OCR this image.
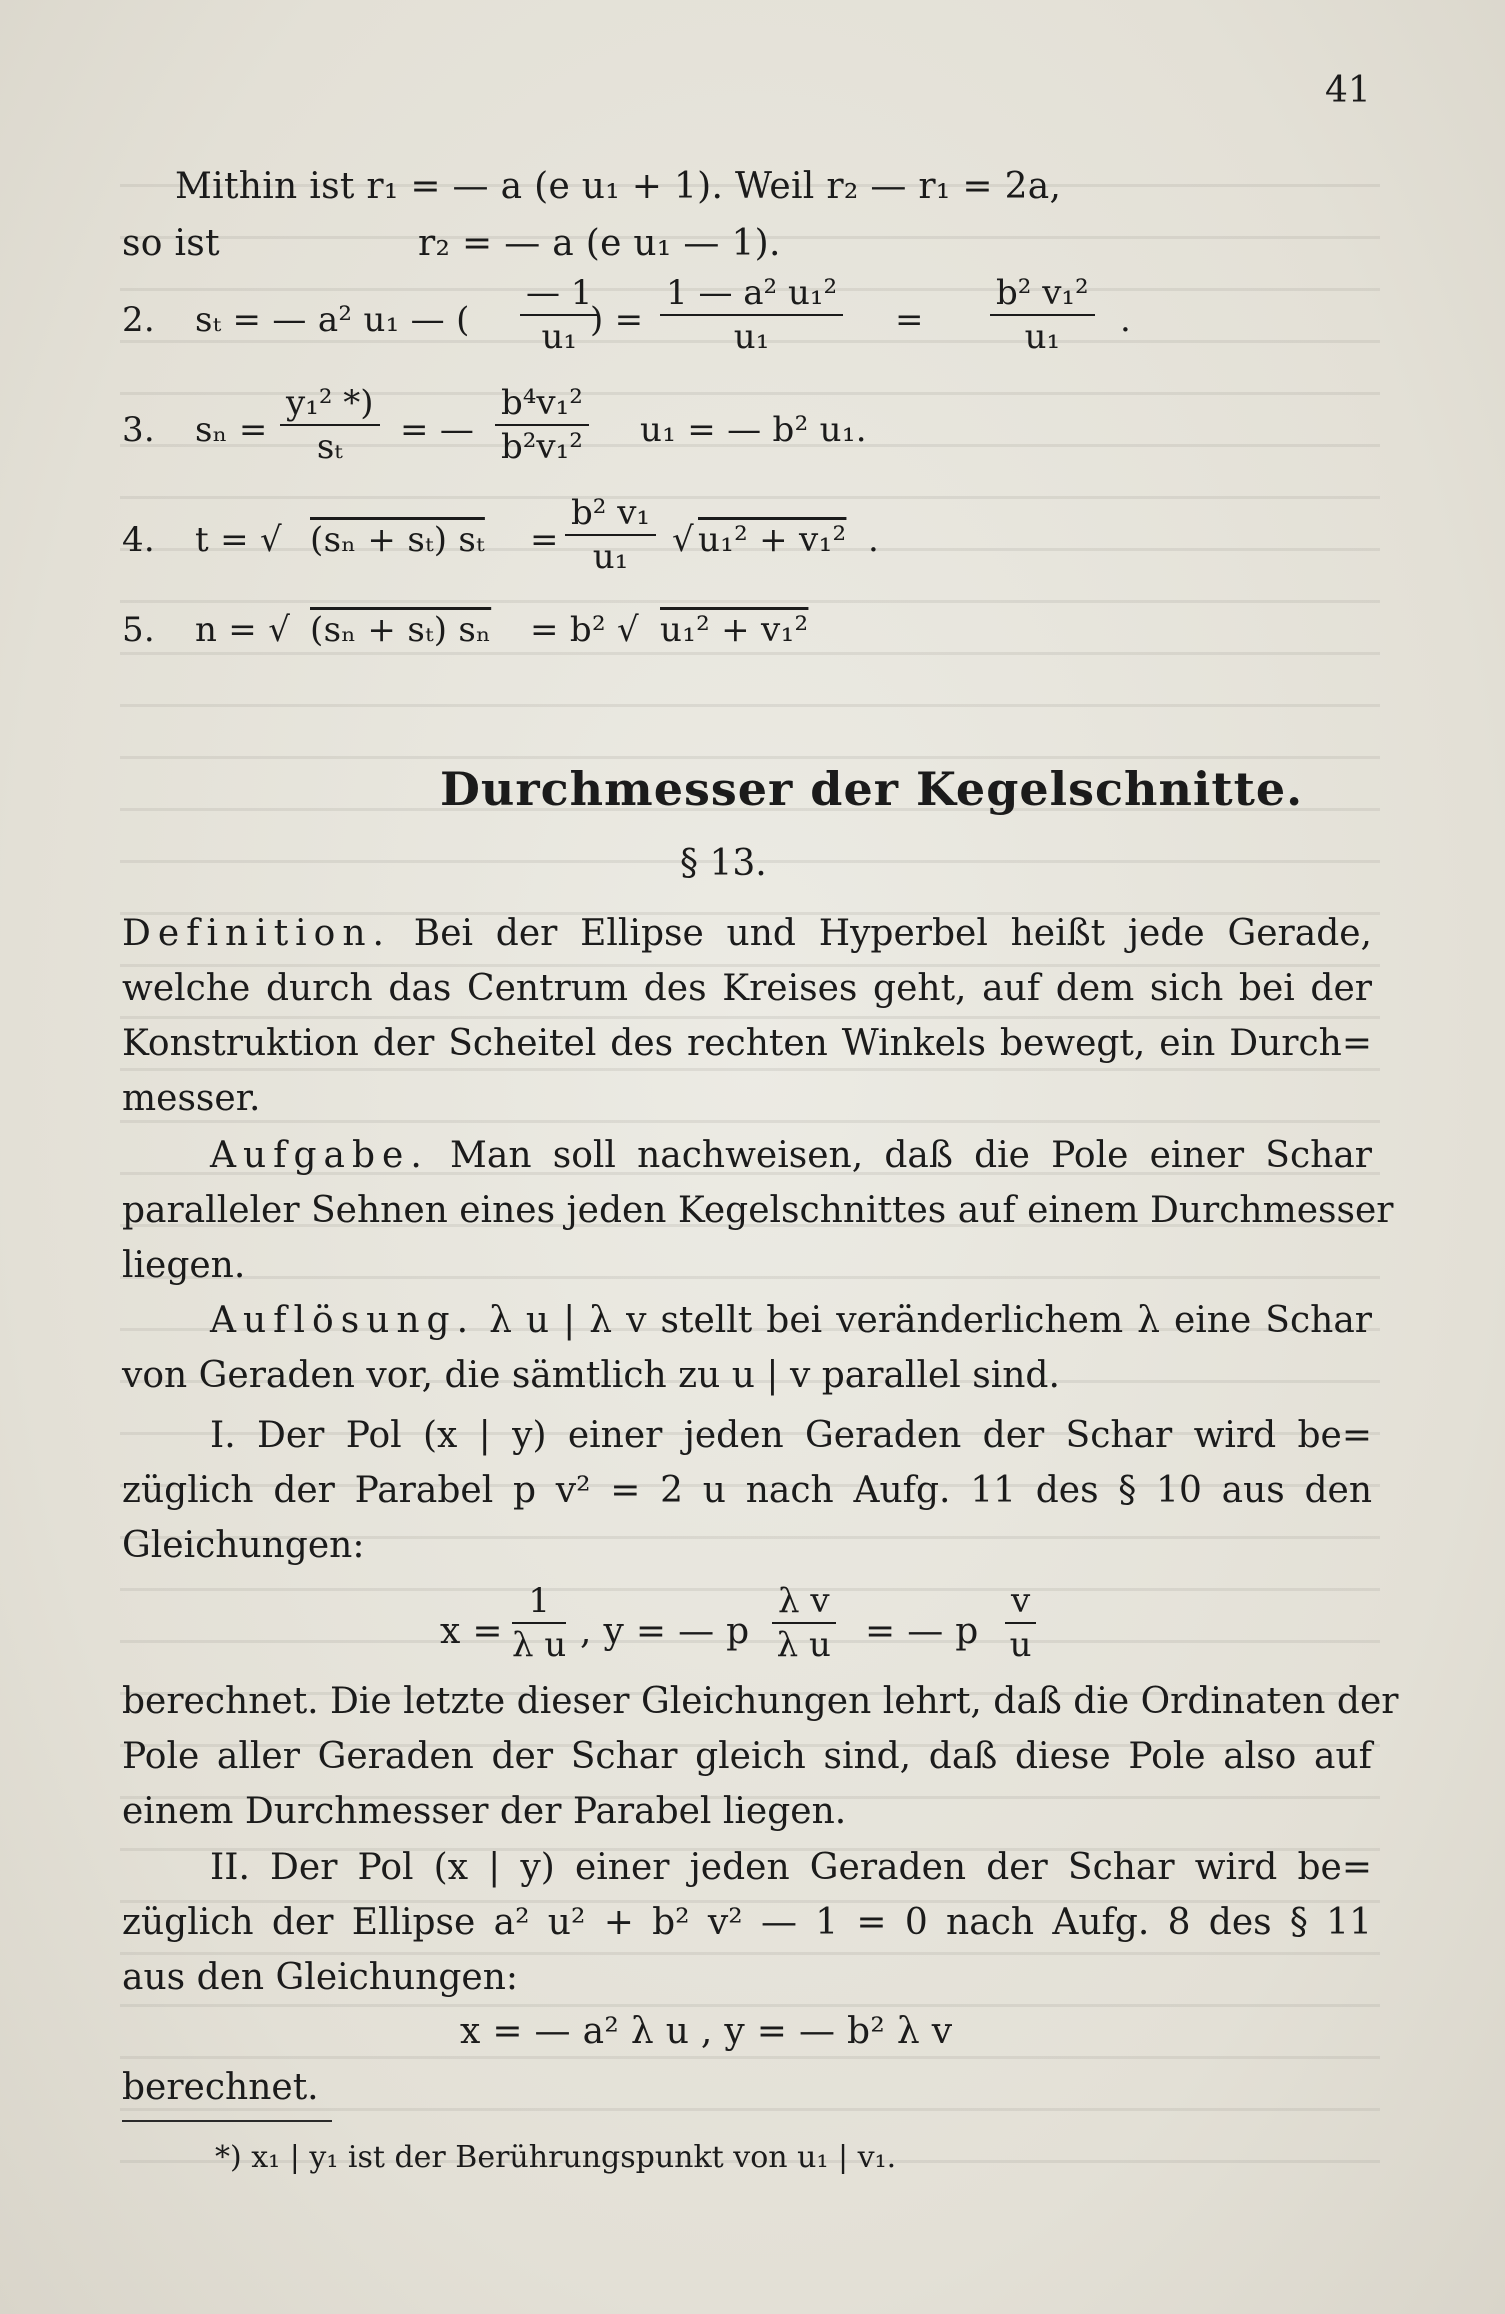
41
Mithin ist r₁ = — a (e u₁ + 1). Weil r₂ — r₁ = 2a,
so ist	r₂ = — a (e u₁ — 1).
2. sₜ = — a² u₁ — ( $\frac{— 1}{\text{u₁}}$
) = $\frac{\text{1 — a² u₁²}}{\text{u₁}} = \frac{\text{b² v₁²}}{\text{u₁}}$ .
3. $s_n = \frac{\text{y₁² *)}}{\text{sₜ}}$ = — $\frac{\text{b⁴v₁²}}{\text{b²v₁²}} u_1$ = — b² u₁.
4. t = √ (sₙ + sₜ) $s_t = \frac{\text{b² v₁}}{\text{u₁}}$ √ u₁² + v₁² .
5. n = √ (sₙ + sₜ) sₙ = b² √ u₁² + v₁²
Durchmesser der Kegelschnitte.
§ 13.
Definition. Bei der Ellipse und Hyperbel heißt jede Gerade,
welche durch das Centrum des Kreises geht, auf dem sich bei der
Konstruktion der Scheitel des rechten Winkels bewegt, ein Durch=
messer.
Aufgabe. Man soll nachweisen, daß die Pole einer Schar
paralleler Sehnen eines jeden Kegelschnittes auf einem Durchmesser
liegen.
Auflösung. λ u | λ v stellt bei veränderlichem λ eine Schar
von Geraden vor, die sämtlich zu u | v parallel sind.
I. Der Pol (x | y) einer jeden Geraden der Schar wird be=
züglich der Parabel p v² = 2 u nach Aufg. 11 des § 10 aus den
Gleichungen:
$x = \frac{1}{\text{λ u}}$ , y = — p $\frac{\text{λ v}}{\text{λ u}}$ = — p $\frac{v}{u}$
berechnet. Die letzte dieser Gleichungen lehrt, daß die Ordinaten der
Pole aller Geraden der Schar gleich sind, daß diese Pole also auf
einem Durchmesser der Parabel liegen.
II. Der Pol (x | y) einer jeden Geraden der Schar wird be=
züglich der Ellipse a² u² + b² v² — 1 = 0 nach Aufg. 8 des § 11
aus den Gleichungen:
x = — a² λ u , y = — b² λ v
berechnet.
*) x₁ | y₁ ist der Berührungspunkt von u₁ | v₁.
